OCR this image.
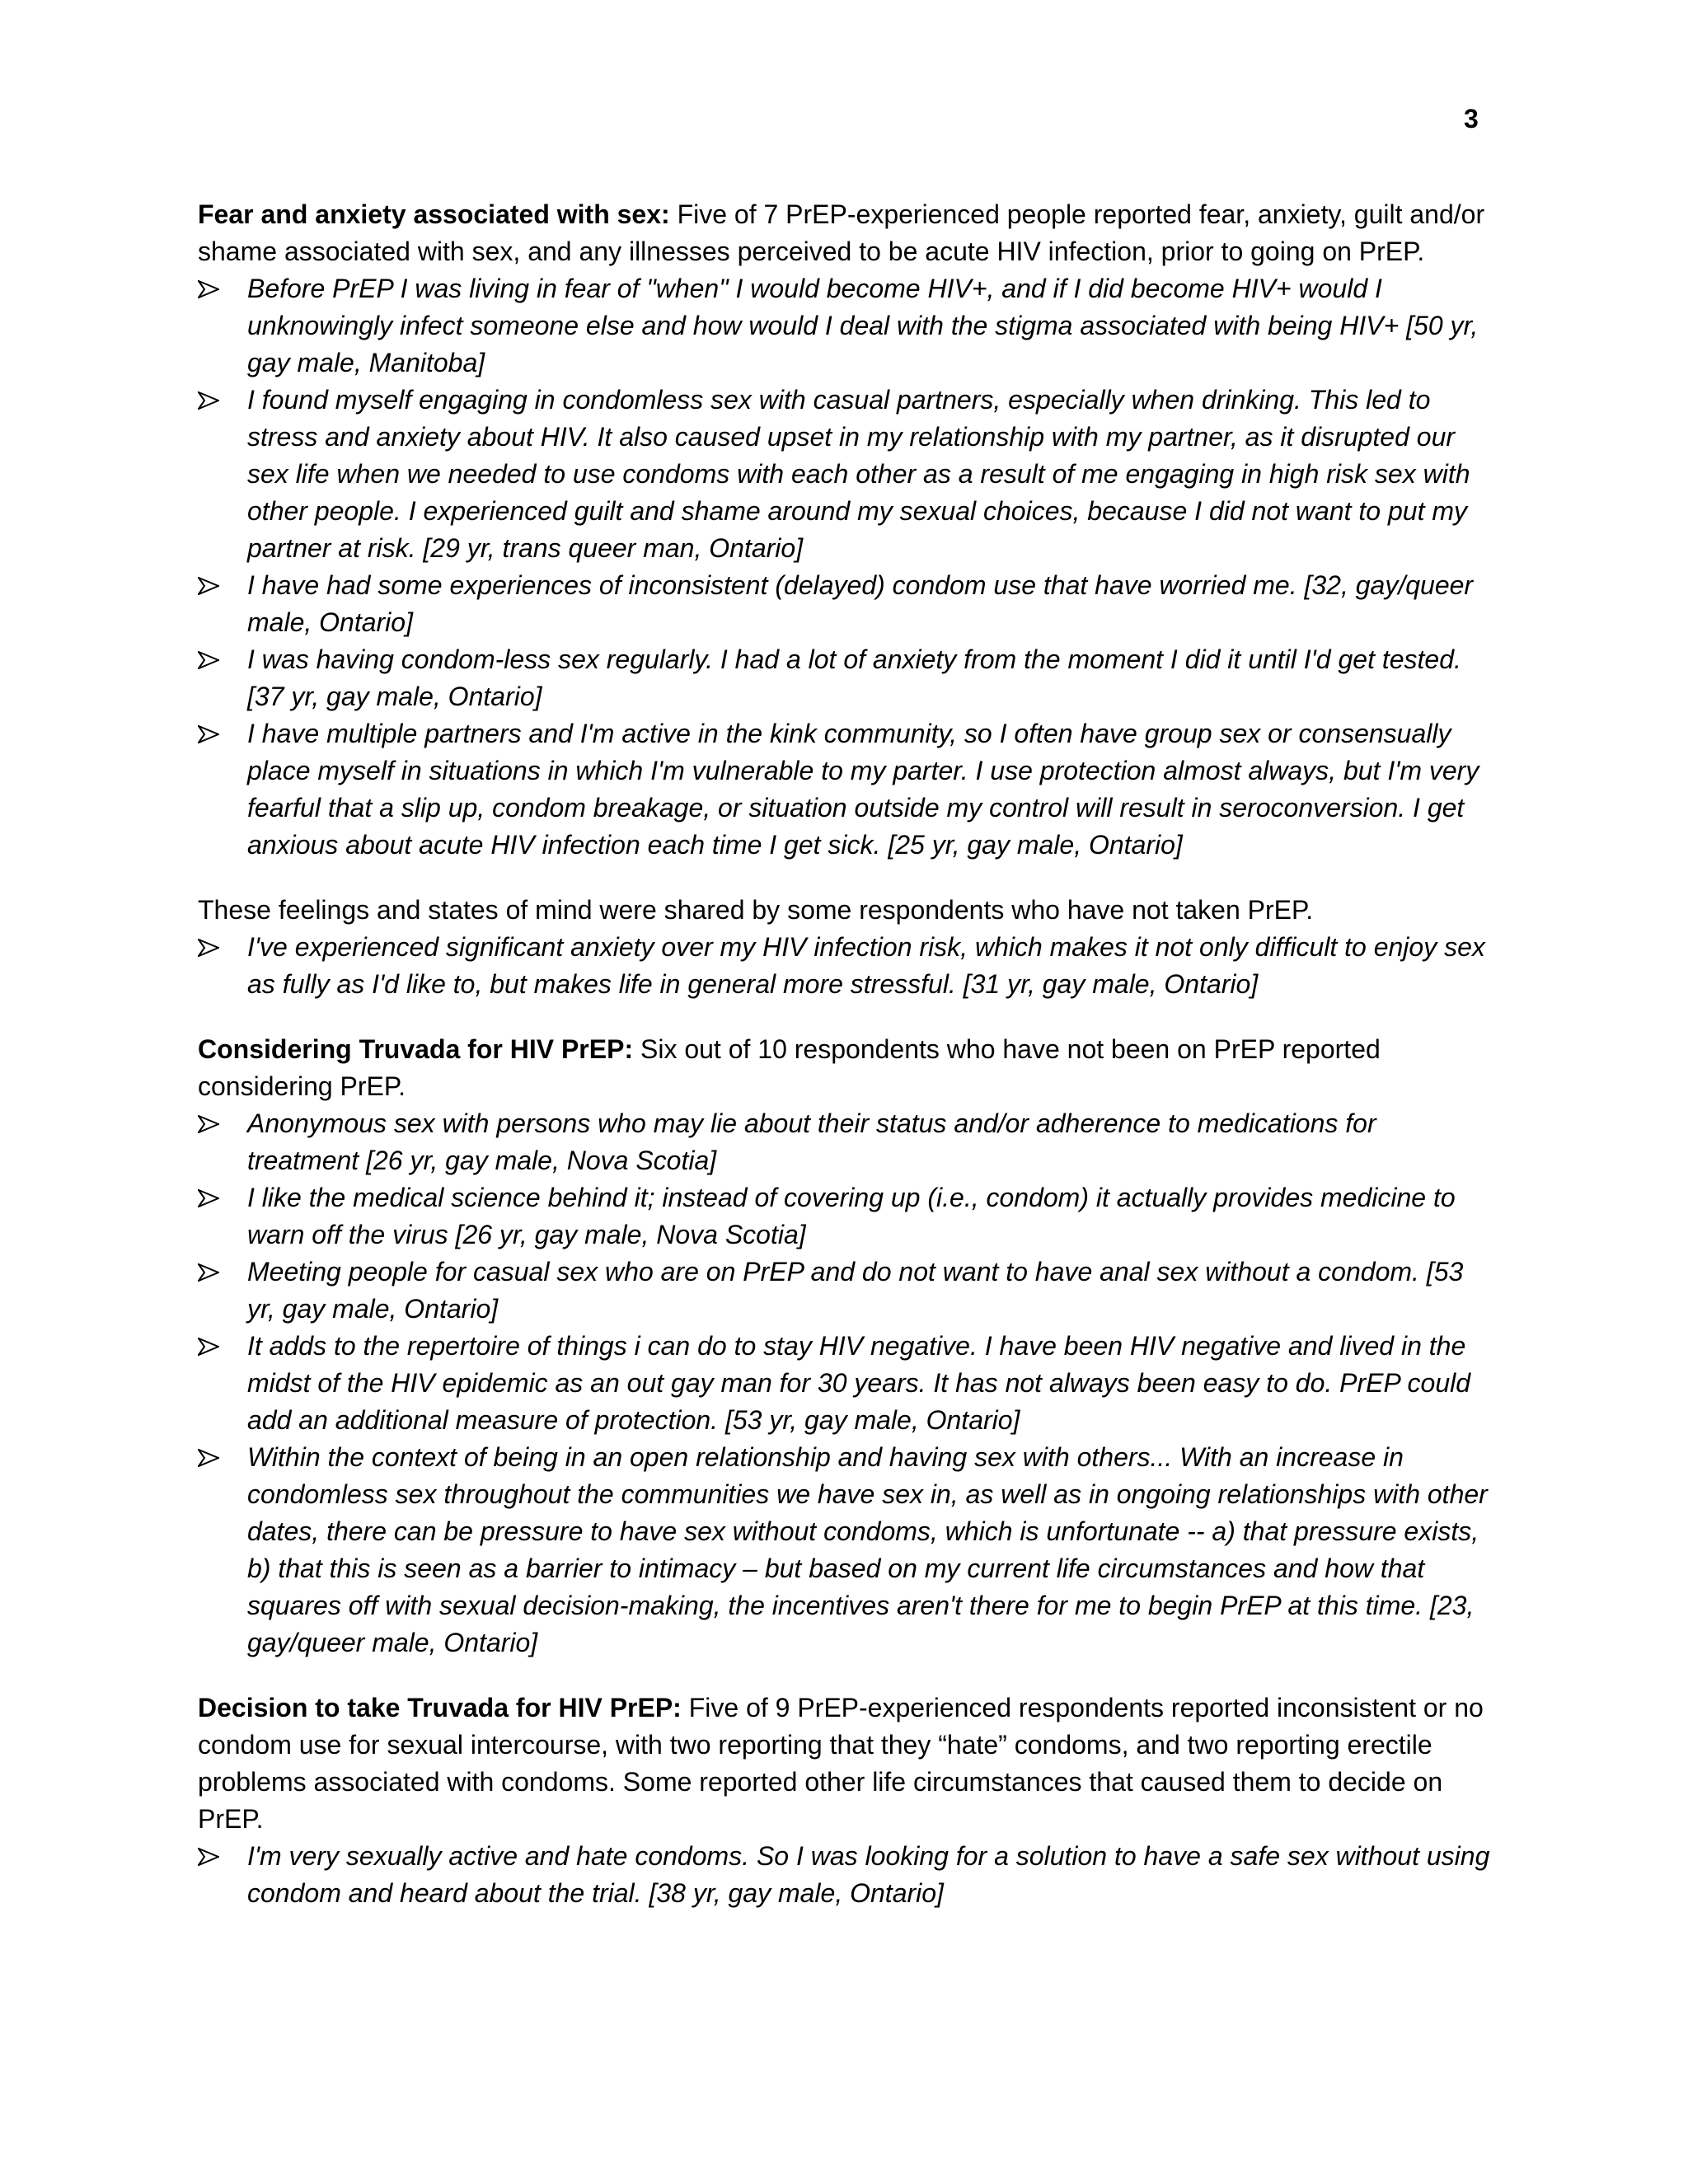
3

Fear and anxiety associated with sex: Five of 7 PrEP-experienced people reported fear, anxiety, guilt and/or shame associated with sex, and any illnesses perceived to be acute HIV infection, prior to going on PrEP.

Before PrEP I was living in fear of "when" I would become HIV+, and if I did become HIV+ would I unknowingly infect someone else and how would I deal with the stigma associated with being HIV+ [50 yr, gay male, Manitoba]
I found myself engaging in condomless sex with casual partners, especially when drinking. This led to stress and anxiety about HIV. It also caused upset in my relationship with my partner, as it disrupted our sex life when we needed to use condoms with each other as a result of me engaging in high risk sex with other people. I experienced guilt and shame around my sexual choices, because I did not want to put my partner at risk. [29 yr, trans queer man, Ontario]
I have had some experiences of inconsistent (delayed) condom use that have worried me. [32, gay/queer male, Ontario]
I was having condom-less sex regularly. I had a lot of anxiety from the moment I did it until I'd get tested. [37 yr, gay male, Ontario]
I have multiple partners and I'm active in the kink community, so I often have group sex or consensually place myself in situations in which I'm vulnerable to my parter. I use protection almost always, but I'm very fearful that a slip up, condom breakage, or situation outside my control will result in seroconversion. I get anxious about acute HIV infection each time I get sick. [25 yr, gay male, Ontario]

These feelings and states of mind were shared by some respondents who have not taken PrEP.

I've experienced significant anxiety over my HIV infection risk, which makes it not only difficult to enjoy sex as fully as I'd like to, but makes life in general more stressful. [31 yr, gay male, Ontario]

Considering Truvada for HIV PrEP: Six out of 10 respondents who have not been on PrEP reported considering PrEP.

Anonymous sex with persons who may lie about their status and/or adherence to medications for treatment [26 yr, gay male, Nova Scotia]
I like the medical science behind it; instead of covering up (i.e., condom) it actually provides medicine to warn off the virus [26 yr, gay male, Nova Scotia]
Meeting people for casual sex who are on PrEP and do not want to have anal sex without a condom. [53 yr, gay male, Ontario]
It adds to the repertoire of things i can do to stay HIV negative. I have been HIV negative and lived in the midst of the HIV epidemic as an out gay man for 30 years. It has not always been easy to do. PrEP could add an additional measure of protection. [53 yr, gay male, Ontario]
Within the context of being in an open relationship and having sex with others... With an increase in condomless sex throughout the communities we have sex in, as well as in ongoing relationships with other dates, there can be pressure to have sex without condoms, which is unfortunate -- a) that pressure exists, b) that this is seen as a barrier to intimacy – but based on my current life circumstances and how that squares off with sexual decision-making, the incentives aren't there for me to begin PrEP at this time. [23, gay/queer male, Ontario]

Decision to take Truvada for HIV PrEP: Five of 9 PrEP-experienced respondents reported inconsistent or no condom use for sexual intercourse, with two reporting that they “hate” condoms, and two reporting erectile problems associated with condoms. Some reported other life circumstances that caused them to decide on PrEP.

I'm very sexually active and hate condoms. So I was looking for a solution to have a safe sex without using condom and heard about the trial. [38 yr, gay male, Ontario]
